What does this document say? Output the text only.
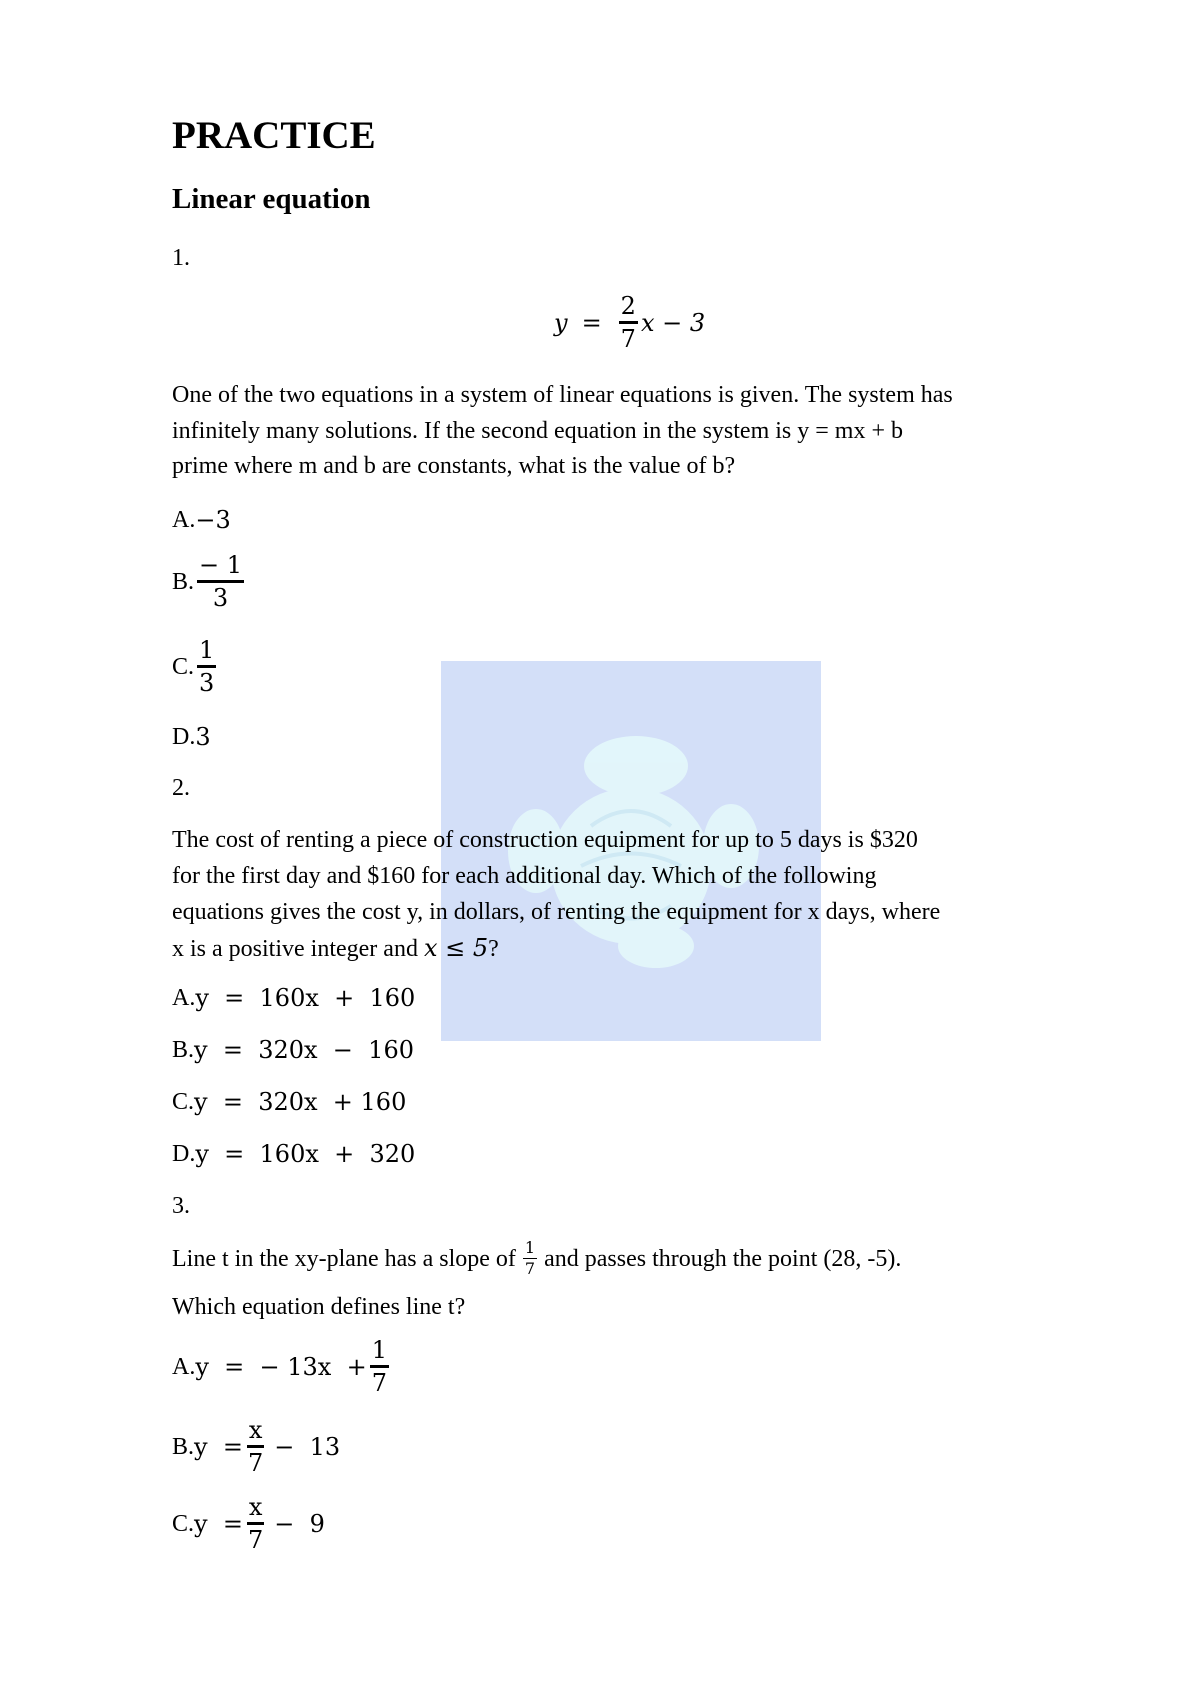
PRACTICE
Linear equation
1.
$y = \frac{2}{7}$ x − 3
One of the two equations in a system of linear equations is given. The system has
infinitely many solutions. If the second equation in the system is y = mx + b
prime where m and b are constants, what is the value of b?
A. −3
B. $\frac{- 1}{3}$
C. $\frac{1}{3}$
D. 3
2.
The cost of renting a piece of construction equipment for up to 5 days is $320
for the first day and $160 for each additional day. Which of the following
equations gives the cost y, in dollars, of renting the equipment for x days, where
x is a positive integer and x ≤ 5?
A. y  =  160x  +  160
B. y  =  320x  −  160
C. y  =  320x  + 160
D. y  =  160x  +  320
3.
Line t in the xy-plane has a slope of $\frac{1}{7}$ and passes through the point (28, -5).
Which equation defines line t?
A. y  =  − $13x + \frac{1}{7}$
B. $y = \frac{x}{7} - 13$
C. $y = \frac{x}{7} - 9$
